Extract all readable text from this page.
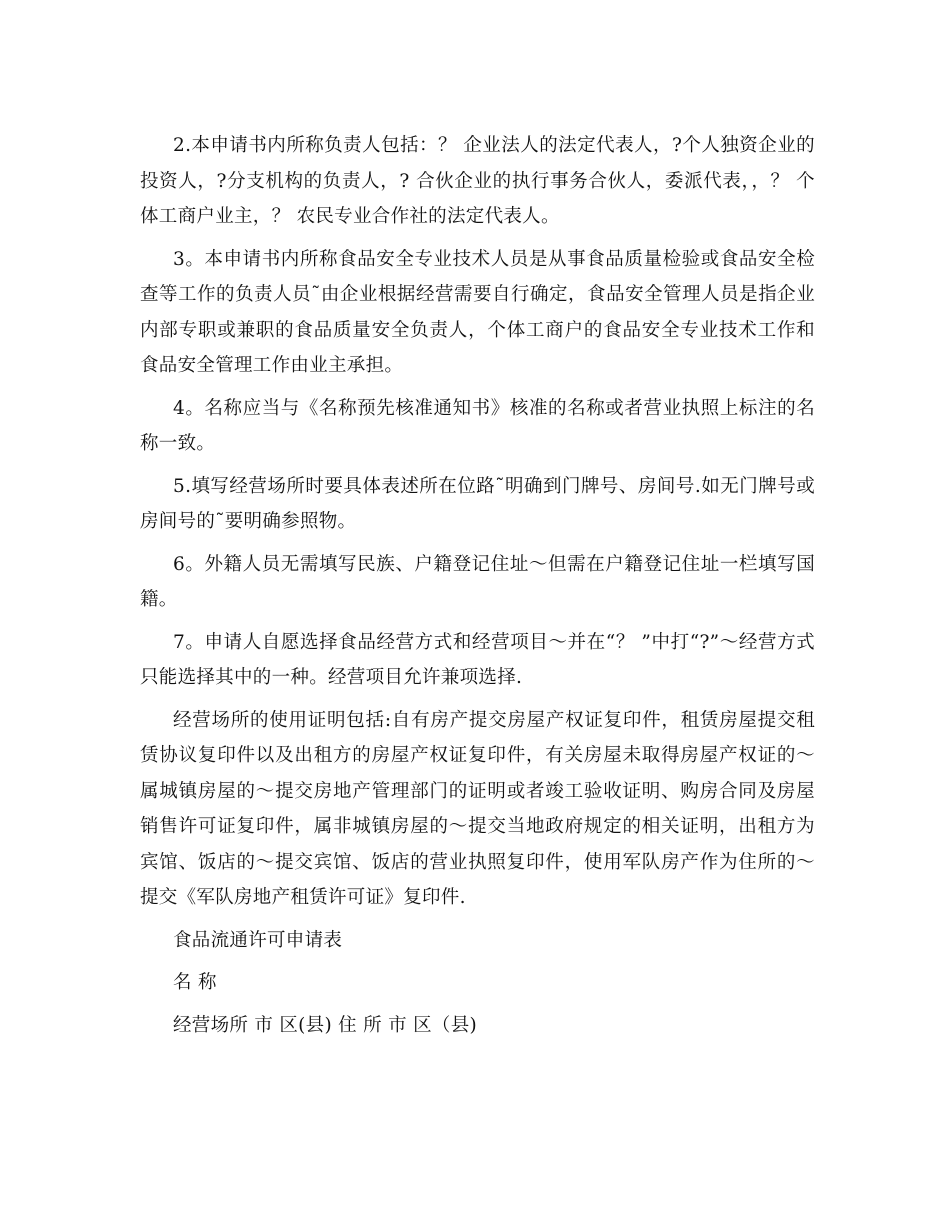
2.本申请书内所称负责人包括：？ 企业法人的法定代表人，?个人独资企业的投资人，?分支机构的负责人，? 合伙企业的执行事务合伙人，委派代表，，？ 个体工商户业主，？ 农民专业合作社的法定代表人。

3。本申请书内所称食品安全专业技术人员是从事食品质量检验或食品安全检查等工作的负责人员˜由企业根据经营需要自行确定，食品安全管理人员是指企业内部专职或兼职的食品质量安全负责人，个体工商户的食品安全专业技术工作和食品安全管理工作由业主承担。

4。名称应当与《名称预先核准通知书》核准的名称或者营业执照上标注的名称一致。

5.填写经营场所时要具体表述所在位路˜明确到门牌号、房间号.如无门牌号或房间号的˜要明确参照物。

6。外籍人员无需填写民族、户籍登记住址～但需在户籍登记住址一栏填写国籍。

7。申请人自愿选择食品经营方式和经营项目～并在“？ ”中打“?”～经营方式只能选择其中的一种。经营项目允许兼项选择.

经营场所的使用证明包括:自有房产提交房屋产权证复印件，租赁房屋提交租赁协议复印件以及出租方的房屋产权证复印件，有关房屋未取得房屋产权证的～属城镇房屋的～提交房地产管理部门的证明或者竣工验收证明、购房合同及房屋销售许可证复印件，属非城镇房屋的～提交当地政府规定的相关证明，出租方为宾馆、饭店的～提交宾馆、饭店的营业执照复印件，使用军队房产作为住所的～提交《军队房地产租赁许可证》复印件.

食品流通许可申请表

名 称

经营场所 市 区(县) 住 所 市 区（县)
